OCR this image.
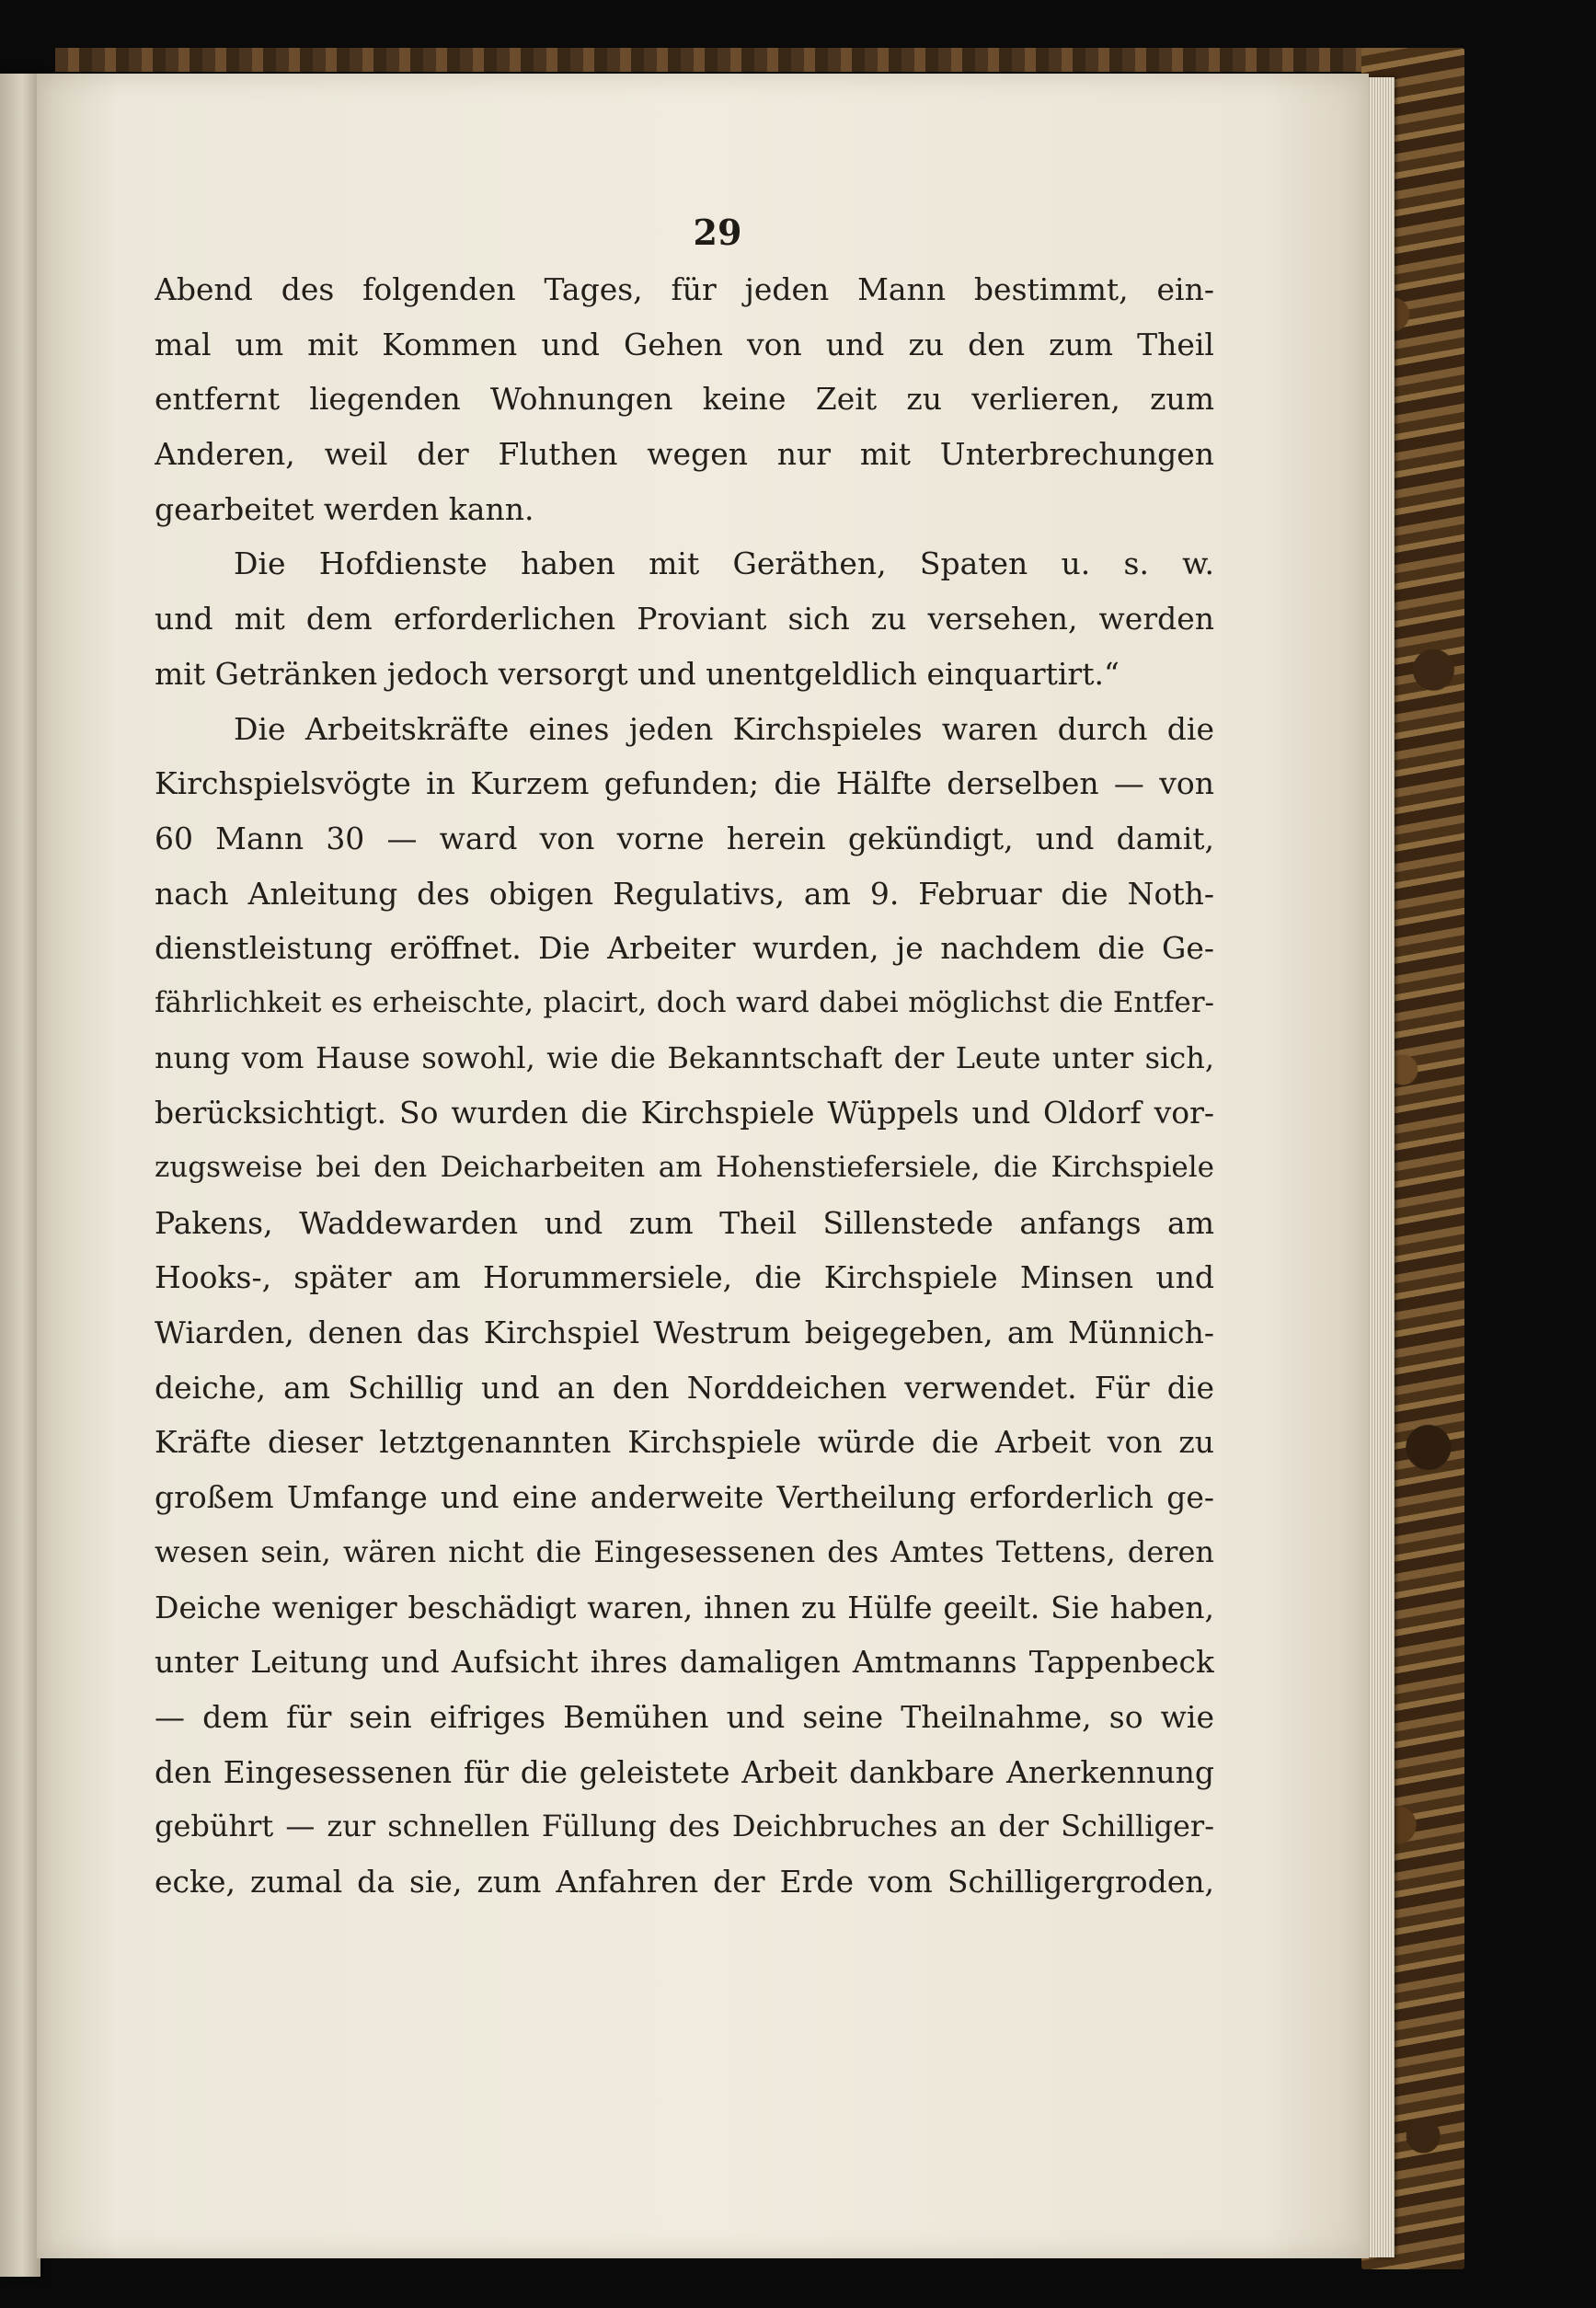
29
Abend des folgenden Tages, für jeden Mann bestimmt, ein-
mal um mit Kommen und Gehen von und zu den zum Theil
entfernt liegenden Wohnungen keine Zeit zu verlieren, zum
Anderen, weil der Fluthen wegen nur mit Unterbrechungen
gearbeitet werden kann.
Die Hofdienste haben mit Geräthen, Spaten u. s. w.
und mit dem erforderlichen Proviant sich zu versehen, werden
mit Getränken jedoch versorgt und unentgeldlich einquartirt.“
Die Arbeitskräfte eines jeden Kirchspieles waren durch die
Kirchspielsvögte in Kurzem gefunden; die Hälfte derselben — von
60 Mann 30 — ward von vorne herein gekündigt, und damit,
nach Anleitung des obigen Regulativs, am 9. Februar die Noth-
dienstleistung eröffnet. Die Arbeiter wurden, je nachdem die Ge-
fährlichkeit es erheischte, placirt, doch ward dabei möglichst die Entfer-
nung vom Hause sowohl, wie die Bekanntschaft der Leute unter sich,
berücksichtigt. So wurden die Kirchspiele Wüppels und Oldorf vor-
zugsweise bei den Deicharbeiten am Hohenstiefersiele, die Kirchspiele
Pakens, Waddewarden und zum Theil Sillenstede anfangs am
Hooks-, später am Horummersiele, die Kirchspiele Minsen und
Wiarden, denen das Kirchspiel Westrum beigegeben, am Münnich-
deiche, am Schillig und an den Norddeichen verwendet. Für die
Kräfte dieser letztgenannten Kirchspiele würde die Arbeit von zu
großem Umfange und eine anderweite Vertheilung erforderlich ge-
wesen sein, wären nicht die Eingesessenen des Amtes Tettens, deren
Deiche weniger beschädigt waren, ihnen zu Hülfe geeilt. Sie haben,
unter Leitung und Aufsicht ihres damaligen Amtmanns Tappenbeck
— dem für sein eifriges Bemühen und seine Theilnahme, so wie
den Eingesessenen für die geleistete Arbeit dankbare Anerkennung
gebührt — zur schnellen Füllung des Deichbruches an der Schilliger-
ecke, zumal da sie, zum Anfahren der Erde vom Schilligergroden,
